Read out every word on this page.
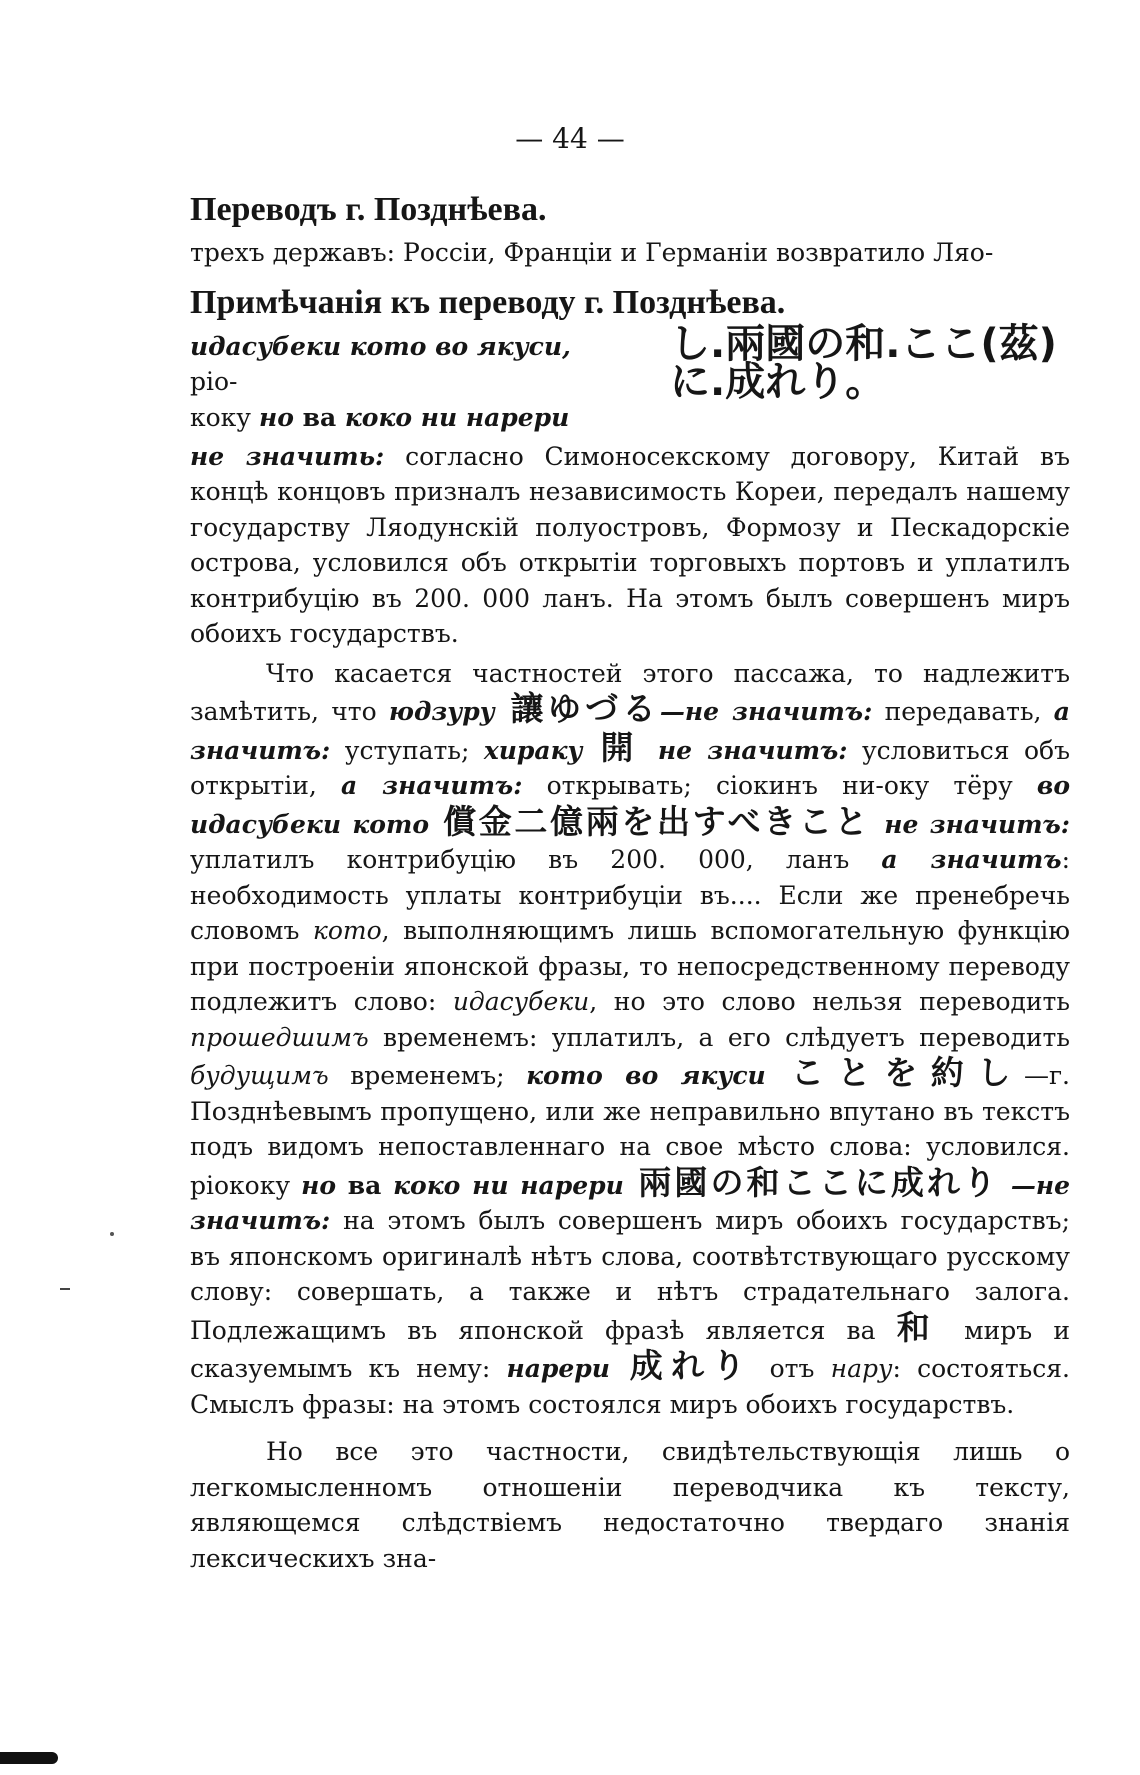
— 44 —
Переводъ г. Позднѣева.

трехъ державъ: Россіи, Франціи и Германіи возвратило Ляо-

Примѣчанія къ переводу г. Позднѣева.
идасубеки кото во якуси, ріо-
коку но ва коко ни нарери
し.兩國の和.ここ(茲)
に.成れり。

не значить: согласно Симоносекскому договору, Китай въ концѣ концовъ призналъ независимость Кореи, передалъ нашему государству Ляодунскій полуостровъ, Формозу и Пескадорскіе острова, условился объ открытіи торговыхъ портовъ и уплатилъ контрибуцію въ 200. 000 ланъ. На этомъ былъ совершенъ миръ обоихъ государствъ.

Что касается частностей этого пассажа, то надлежитъ замѣтить, что юдзуру 讓ゆづる—не значитъ: передавать, а значитъ: уступать; хираку 開 не значитъ: условиться объ открытіи, а значитъ: открывать; сіокинъ ни-оку тёру во идасубеки кото 償金二億兩を出すべきこと не значитъ: уплатилъ контрибуцію въ 200. 000, ланъ а значитъ: необходимость уплаты контрибуціи въ.... Если же пренебречь словомъ кото, выполняющимъ лишь вспомогательную функцію при построеніи японской фразы, то непосредственному переводу подлежитъ слово: идасубеки, но это слово нельзя переводить прошедшимъ временемъ: уплатилъ, а его слѣдуетъ переводить будущимъ временемъ; кото во якуси ことを約し—г. Позднѣевымъ пропущено, или же неправильно впутано въ текстъ подъ видомъ непоставленнаго на свое мѣсто слова: условился. ріококу но ва коко ни нарери 兩國の和ここに成れり —не значитъ: на этомъ былъ совершенъ миръ обоихъ государствъ; въ японскомъ оригиналѣ нѣтъ слова, соотвѣтствующаго русскому слову: совершать, а также и нѣтъ страдательнаго залога. Подлежащимъ въ японской фразѣ является ва 和 миръ и сказуемымъ къ нему: нарери 成れり отъ нару: состояться. Смыслъ фразы: на этомъ состоялся миръ обоихъ государствъ.

Но все это частности, свидѣтельствующія лишь о легкомысленномъ отношеніи переводчика къ тексту, являющемся слѣдствіемъ недостаточно твердаго знанія лексическихъ зна-
